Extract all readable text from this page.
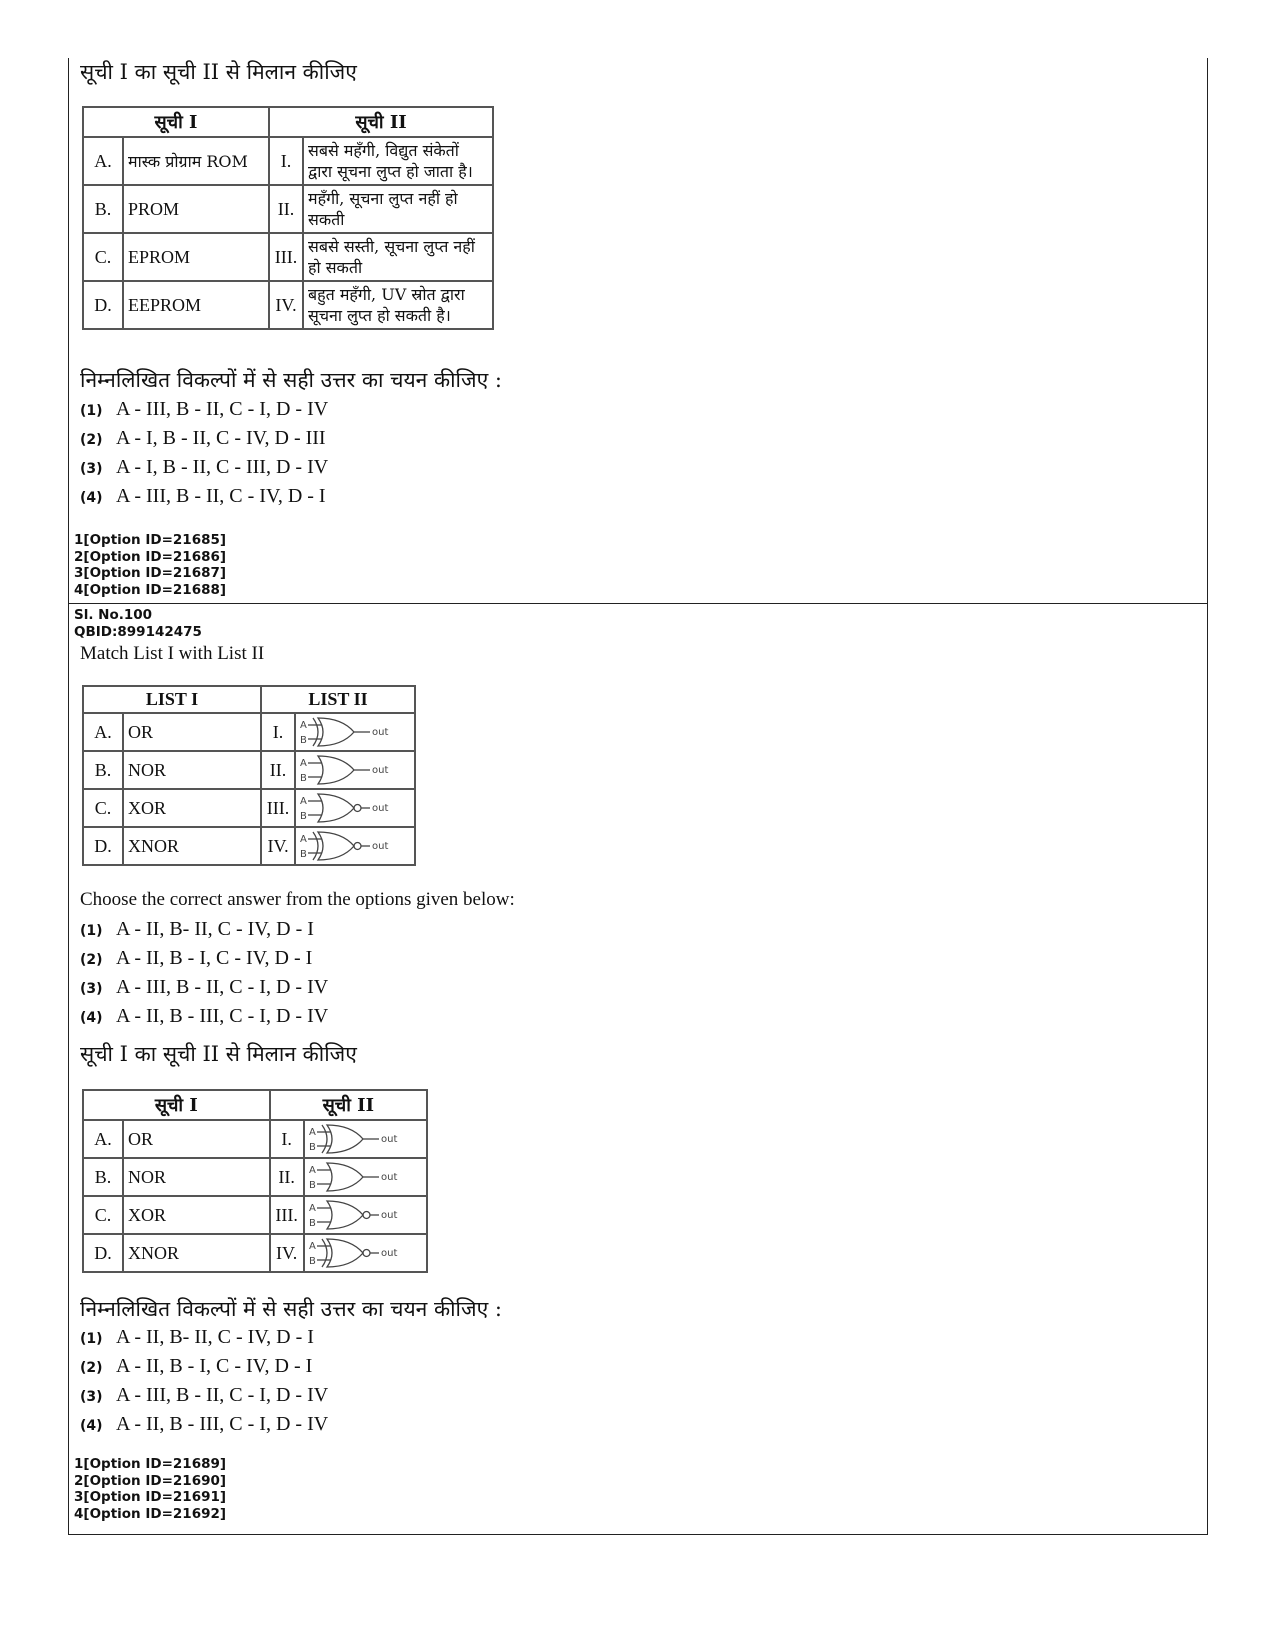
सूची I का सूची II से मिलान कीजिए
सूची I		सूची II	
A.	मास्क प्रोग्राम ROM	I.	सबसे महँगी, विद्युत संकेतों द्वारा सूचना लुप्त हो जाता है।
B.	PROM	II.	महँगी, सूचना लुप्त नहीं हो सकती
C.	EPROM	III.	सबसे सस्ती, सूचना लुप्त नहीं हो सकती
D.	EEPROM	IV.	बहुत महँगी, UV स्रोत द्वारा सूचना लुप्त हो सकती है।
निम्नलिखित विकल्पों में से सही उत्तर का चयन कीजिए :
(1) A - III, B - II, C - I, D - IV
(2) A - I, B - II, C - IV, D - III
(3) A - I, B - II, C - III, D - IV
(4) A - III, B - II, C - IV, D - I
1[Option ID=21685]
2[Option ID=21686]
3[Option ID=21687]
4[Option ID=21688]
Sl. No.100
QBID:899142475
Match List I with List II
LIST I		LIST II	
A.	OR	I.	A
B
out

B.	NOR	II.	A
B
out

C.	XOR	III.	A
B
out

D.	XNOR	IV.	A
B
out
Choose the correct answer from the options given below:
(1) A - II, B- II, C - IV, D - I
(2) A - II, B - I, C - IV, D - I
(3) A - III, B - II, C - I, D - IV
(4) A - II, B - III, C - I, D - IV
सूची I का सूची II से मिलान कीजिए
सूची I		सूची II	
A.	OR	I.	A
B
out

B.	NOR	II.	A
B
out

C.	XOR	III.	A
B
out

D.	XNOR	IV.	A
B
out
निम्नलिखित विकल्पों में से सही उत्तर का चयन कीजिए :
(1) A - II, B- II, C - IV, D - I
(2) A - II, B - I, C - IV, D - I
(3) A - III, B - II, C - I, D - IV
(4) A - II, B - III, C - I, D - IV
1[Option ID=21689]
2[Option ID=21690]
3[Option ID=21691]
4[Option ID=21692]
